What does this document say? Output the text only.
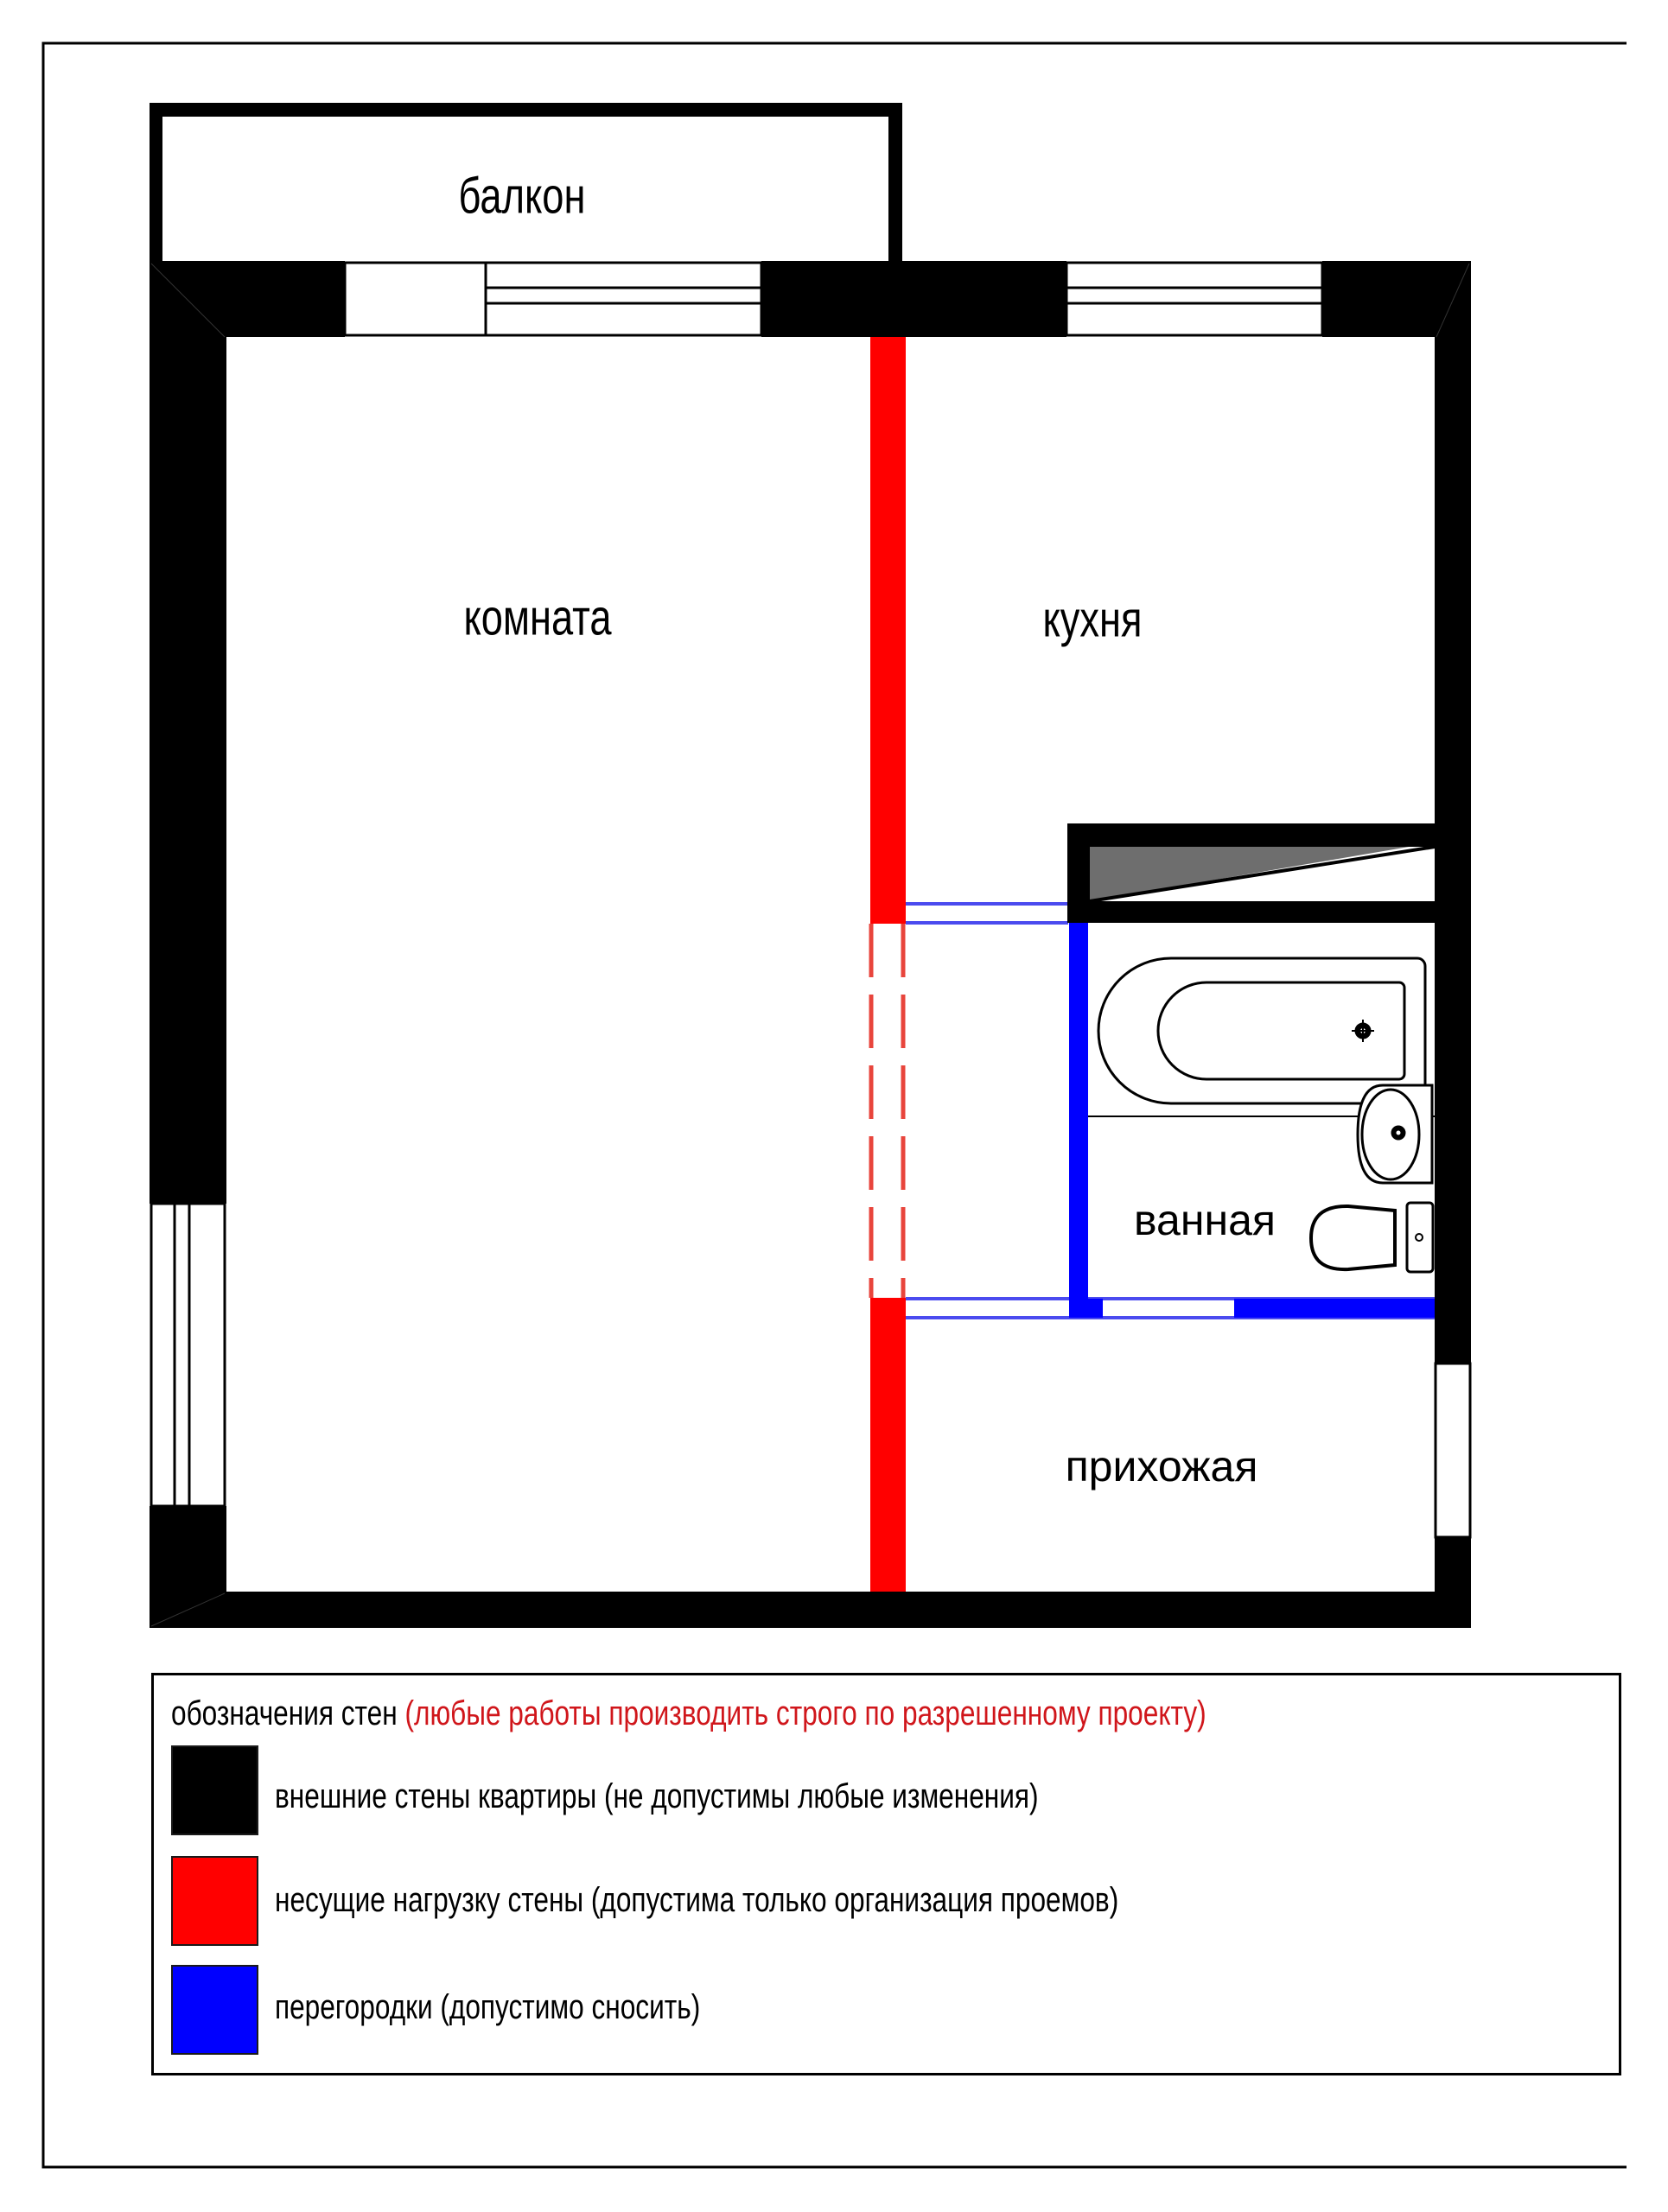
балкон
комната	кухня
ванная
прихожая
обозначения стен (любые работы производить строго по разрешенному проекту)
внешние стены квартиры (не допустимы любые изменения)
несущие нагрузку стены (допустима только организация проемов)
перегородки (допустимо сносить)
